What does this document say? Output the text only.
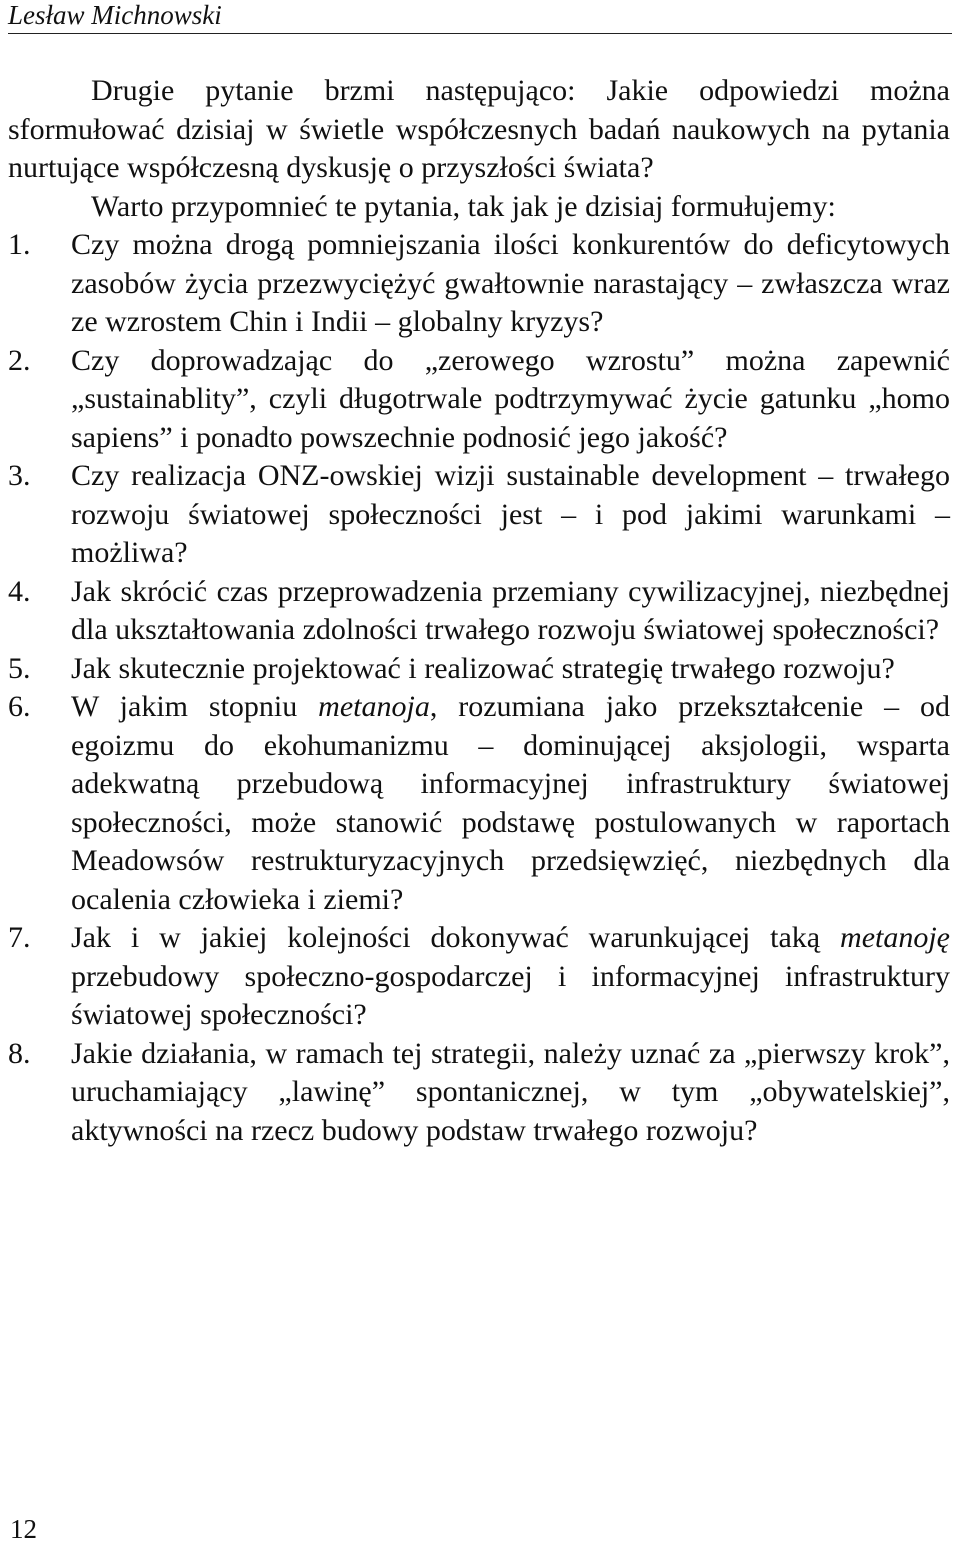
Lesław Michnowski

Drugie pytanie brzmi następująco: Jakie odpowiedzi można sformułować dzisiaj w świetle współczesnych badań naukowych na pytania nurtujące współczesną dyskusję o przyszłości świata?

Warto przypomnieć te pytania, tak jak je dzisiaj formułujemy:

1.	Czy można drogą pomniejszania ilości konkurentów do deficytowych zasobów życia przezwyciężyć gwałtownie narastający – zwłaszcza wraz ze wzrostem Chin i Indii – globalny kryzys?
2.	Czy doprowadzając do „zerowego wzrostu” można zapewnić „sustainablity”, czyli długotrwale podtrzymywać życie gatunku „homo sapiens” i ponadto powszechnie podnosić jego jakość?
3.	Czy realizacja ONZ-owskiej wizji sustainable development – trwałego rozwoju światowej społeczności jest – i pod jakimi warunkami – możliwa?
4.	Jak skrócić czas przeprowadzenia przemiany cywilizacyjnej, niezbędnej dla ukształtowania zdolności trwałego rozwoju światowej społeczności?
5.	Jak skutecznie projektować i realizować strategię trwałego rozwoju?
6.	W jakim stopniu metanoja, rozumiana jako przekształcenie – od egoizmu do ekohumanizmu – dominującej aksjologii, wsparta adekwatną przebudową informacyjnej infrastruktury światowej społeczności, może stanowić podstawę postulowanych w raportach Meadowsów restrukturyzacyjnych przedsięwzięć, niezbędnych dla ocalenia człowieka i ziemi?
7.	Jak i w jakiej kolejności dokonywać warunkującej taką metanoję przebudowy społeczno-gospodarczej i informacyjnej infrastruktury światowej społeczności?
8.	Jakie działania, w ramach tej strategii, należy uznać za „pierwszy krok”, uruchamiający „lawinę” spontanicznej, w tym „obywatelskiej”, aktywności na rzecz budowy podstaw trwałego rozwoju?
12
